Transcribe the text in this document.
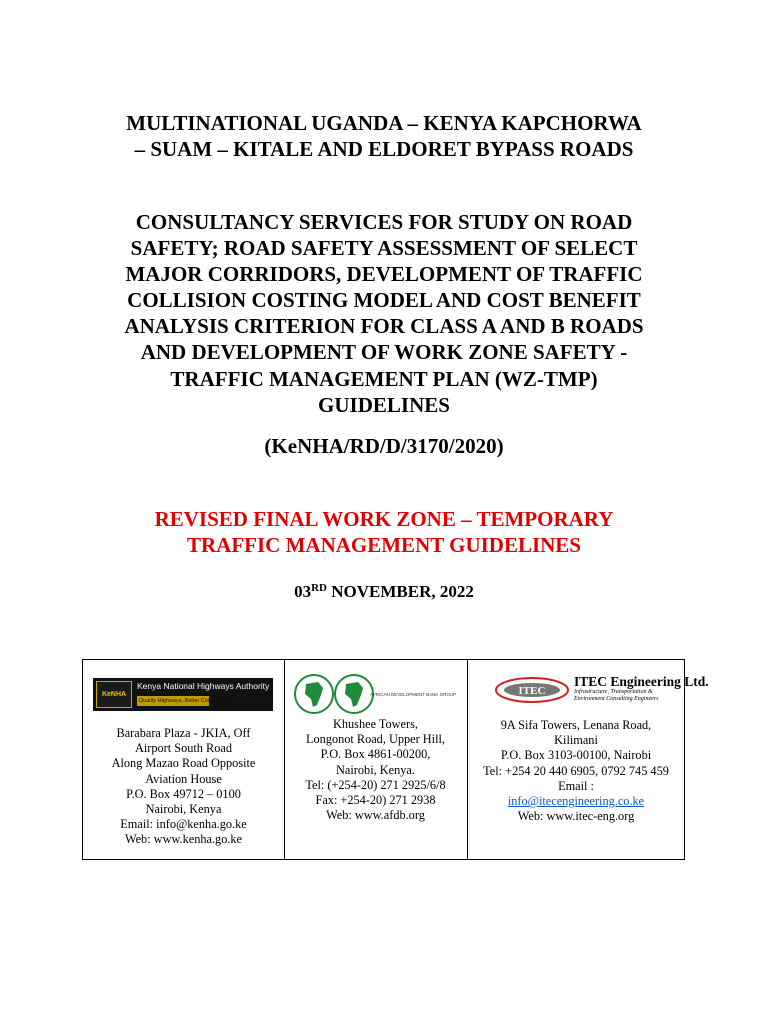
MULTINATIONAL UGANDA – KENYA KAPCHORWA
– SUAM – KITALE AND ELDORET BYPASS ROADS
CONSULTANCY SERVICES FOR STUDY ON ROAD
SAFETY; ROAD SAFETY ASSESSMENT OF SELECT
MAJOR CORRIDORS, DEVELOPMENT OF TRAFFIC
COLLISION COSTING MODEL AND COST BENEFIT
ANALYSIS CRITERION FOR CLASS A AND B ROADS
AND DEVELOPMENT OF WORK ZONE SAFETY -
TRAFFIC MANAGEMENT PLAN (WZ-TMP)
GUIDELINES
(KeNHA/RD/D/3170/2020)
REVISED FINAL WORK ZONE – TEMPORARY
TRAFFIC MANAGEMENT GUIDELINES
03RD NOVEMBER, 2022
KeNHA
Kenya National Highways Authority
Quality Highways, Better Connections
Barabara Plaza - JKIA, Off
Airport South Road
Along Mazao Road Opposite
Aviation House
P.O. Box 49712 – 0100
Nairobi, Kenya
Email: info@kenha.go.ke
Web: www.kenha.go.ke
AFRICAN DEVELOPMENT BANK GROUP
Khushee Towers,
Longonot Road, Upper Hill,
P.O. Box 4861-00200,
Nairobi, Kenya.
Tel: (+254-20) 271 2925/6/8
Fax: +254-20) 271 2938
Web: www.afdb.org
ITEC
ITEC Engineering Ltd.
Infrastructure, Transportation & Environment Consulting Engineers
9A Sifa Towers, Lenana Road,
Kilimani
P.O. Box 3103-00100, Nairobi
Tel: +254 20 440 6905, 0792 745 459
Email :
info@itecengineering.co.ke
Web: www.itec-eng.org
